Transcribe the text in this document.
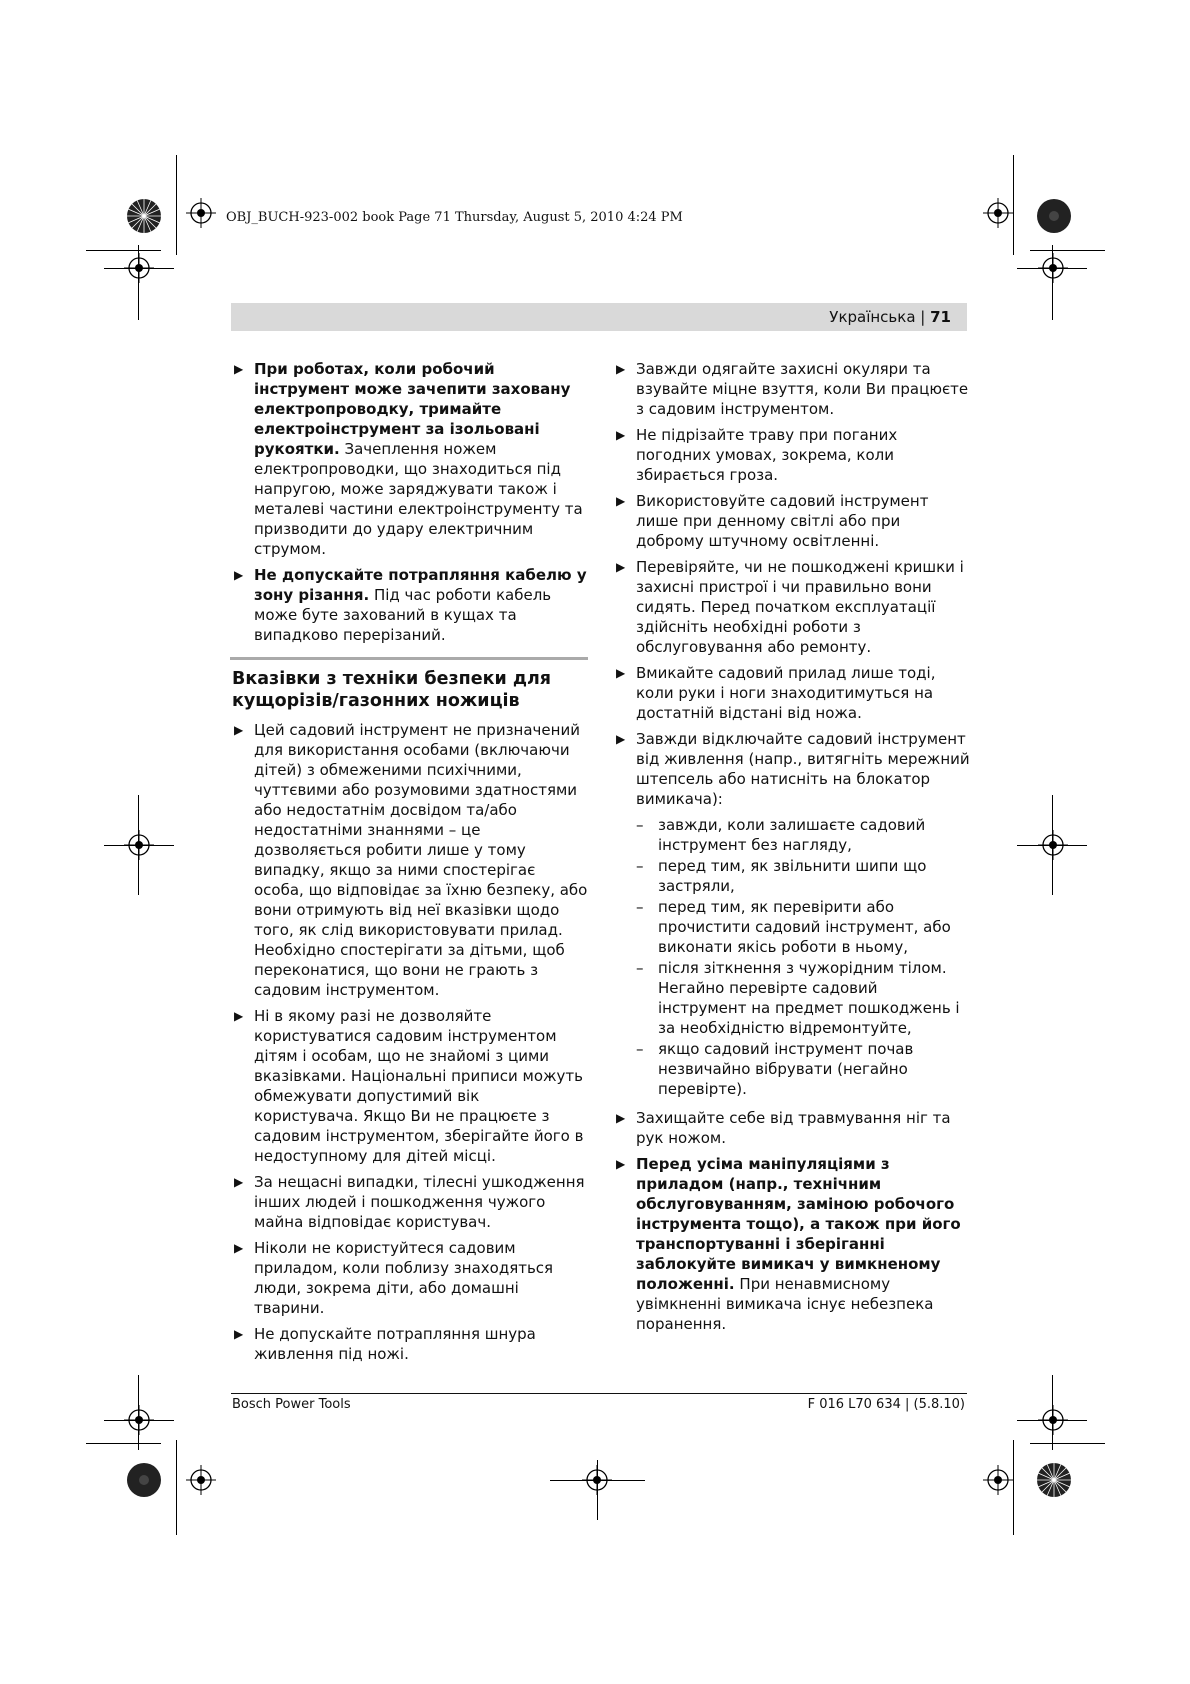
OBJ_BUCH-923-002 book Page 71 Thursday, August 5, 2010 4:24 PM
Українська | 71
▶ При роботах, коли робочий інструмент може зачепити заховану електропроводку, тримайте електроінструмент за ізольовані рукоятки. Зачеплення ножем електропроводки, що знаходиться під напругою, може заряджувати також і металеві частини електроінструменту та призводити до удару електричним струмом.
▶ Не допускайте потрапляння кабелю у зону різання. Під час роботи кабель може буте захований в кущах та випадково перерізаний.
Вказівки з техніки безпеки для кущорізів/газонних ножиців
▶ Цей садовий інструмент не призначений для використання особами (включаючи дітей) з обмеженими психічними, чуттєвими або розумовими здатностями або недостатнім досвідом та/або недостатніми знаннями – це дозволяється робити лише у тому випадку, якщо за ними спостерігає особа, що відповідає за їхню безпеку, або вони отримують від неї вказівки щодо того, як слід використовувати прилад.
Необхідно спостерігати за дітьми, щоб переконатися, що вони не грають з садовим інструментом.
▶ Ні в якому разі не дозволяйте користуватися садовим інструментом дітям і особам, що не знайомі з цими вказівками. Національні приписи можуть обмежувати допустимий вік користувача. Якщо Ви не працюєте з садовим інструментом, зберігайте його в недоступному для дітей місці.
▶ За нещасні випадки, тілесні ушкодження інших людей і пошкодження чужого майна відповідає користувач.
▶ Ніколи не користуйтеся садовим приладом, коли поблизу знаходяться люди, зокрема діти, або домашні тварини.
▶ Не допускайте потрапляння шнура живлення під ножі.
▶ Завжди одягайте захисні окуляри та взувайте міцне взуття, коли Ви працюєте з садовим інструментом.
▶ Не підрізайте траву при поганих погодних умовах, зокрема, коли збирається гроза.
▶ Використовуйте садовий інструмент лише при денному світлі або при доброму штучному освітленні.
▶ Перевіряйте, чи не пошкоджені кришки і захисні пристрої і чи правильно вони сидять. Перед початком експлуатації здійсніть необхідні роботи з обслуговування або ремонту.
▶ Вмикайте садовий прилад лише тоді, коли руки і ноги знаходитимуться на достатній відстані від ножа.
▶ Завжди відключайте садовий інструмент від живлення (напр., витягніть мережний штепсель або натисніть на блокатор вимикача):
– завжди, коли залишаєте садовий інструмент без нагляду,
– перед тим, як звільнити шипи що застряли,
– перед тим, як перевірити або прочистити садовий інструмент, або виконати якісь роботи в ньому,
– після зіткнення з чужорідним тілом. Негайно перевірте садовий інструмент на предмет пошкоджень і за необхідністю відремонтуйте,
– якщо садовий інструмент почав незвичайно вібрувати (негайно перевірте).
▶ Захищайте себе від травмування ніг та рук ножом.
▶ Перед усіма маніпуляціями з приладом (напр., технічним обслуговуванням, заміною робочого інструмента тощо), а також при його транспортуванні і зберіганні заблокуйте вимикач у вимкненому положенні. При ненавмисному увімкненні вимикача існує небезпека поранення.
Bosch Power Tools	F 016 L70 634 | (5.8.10)
